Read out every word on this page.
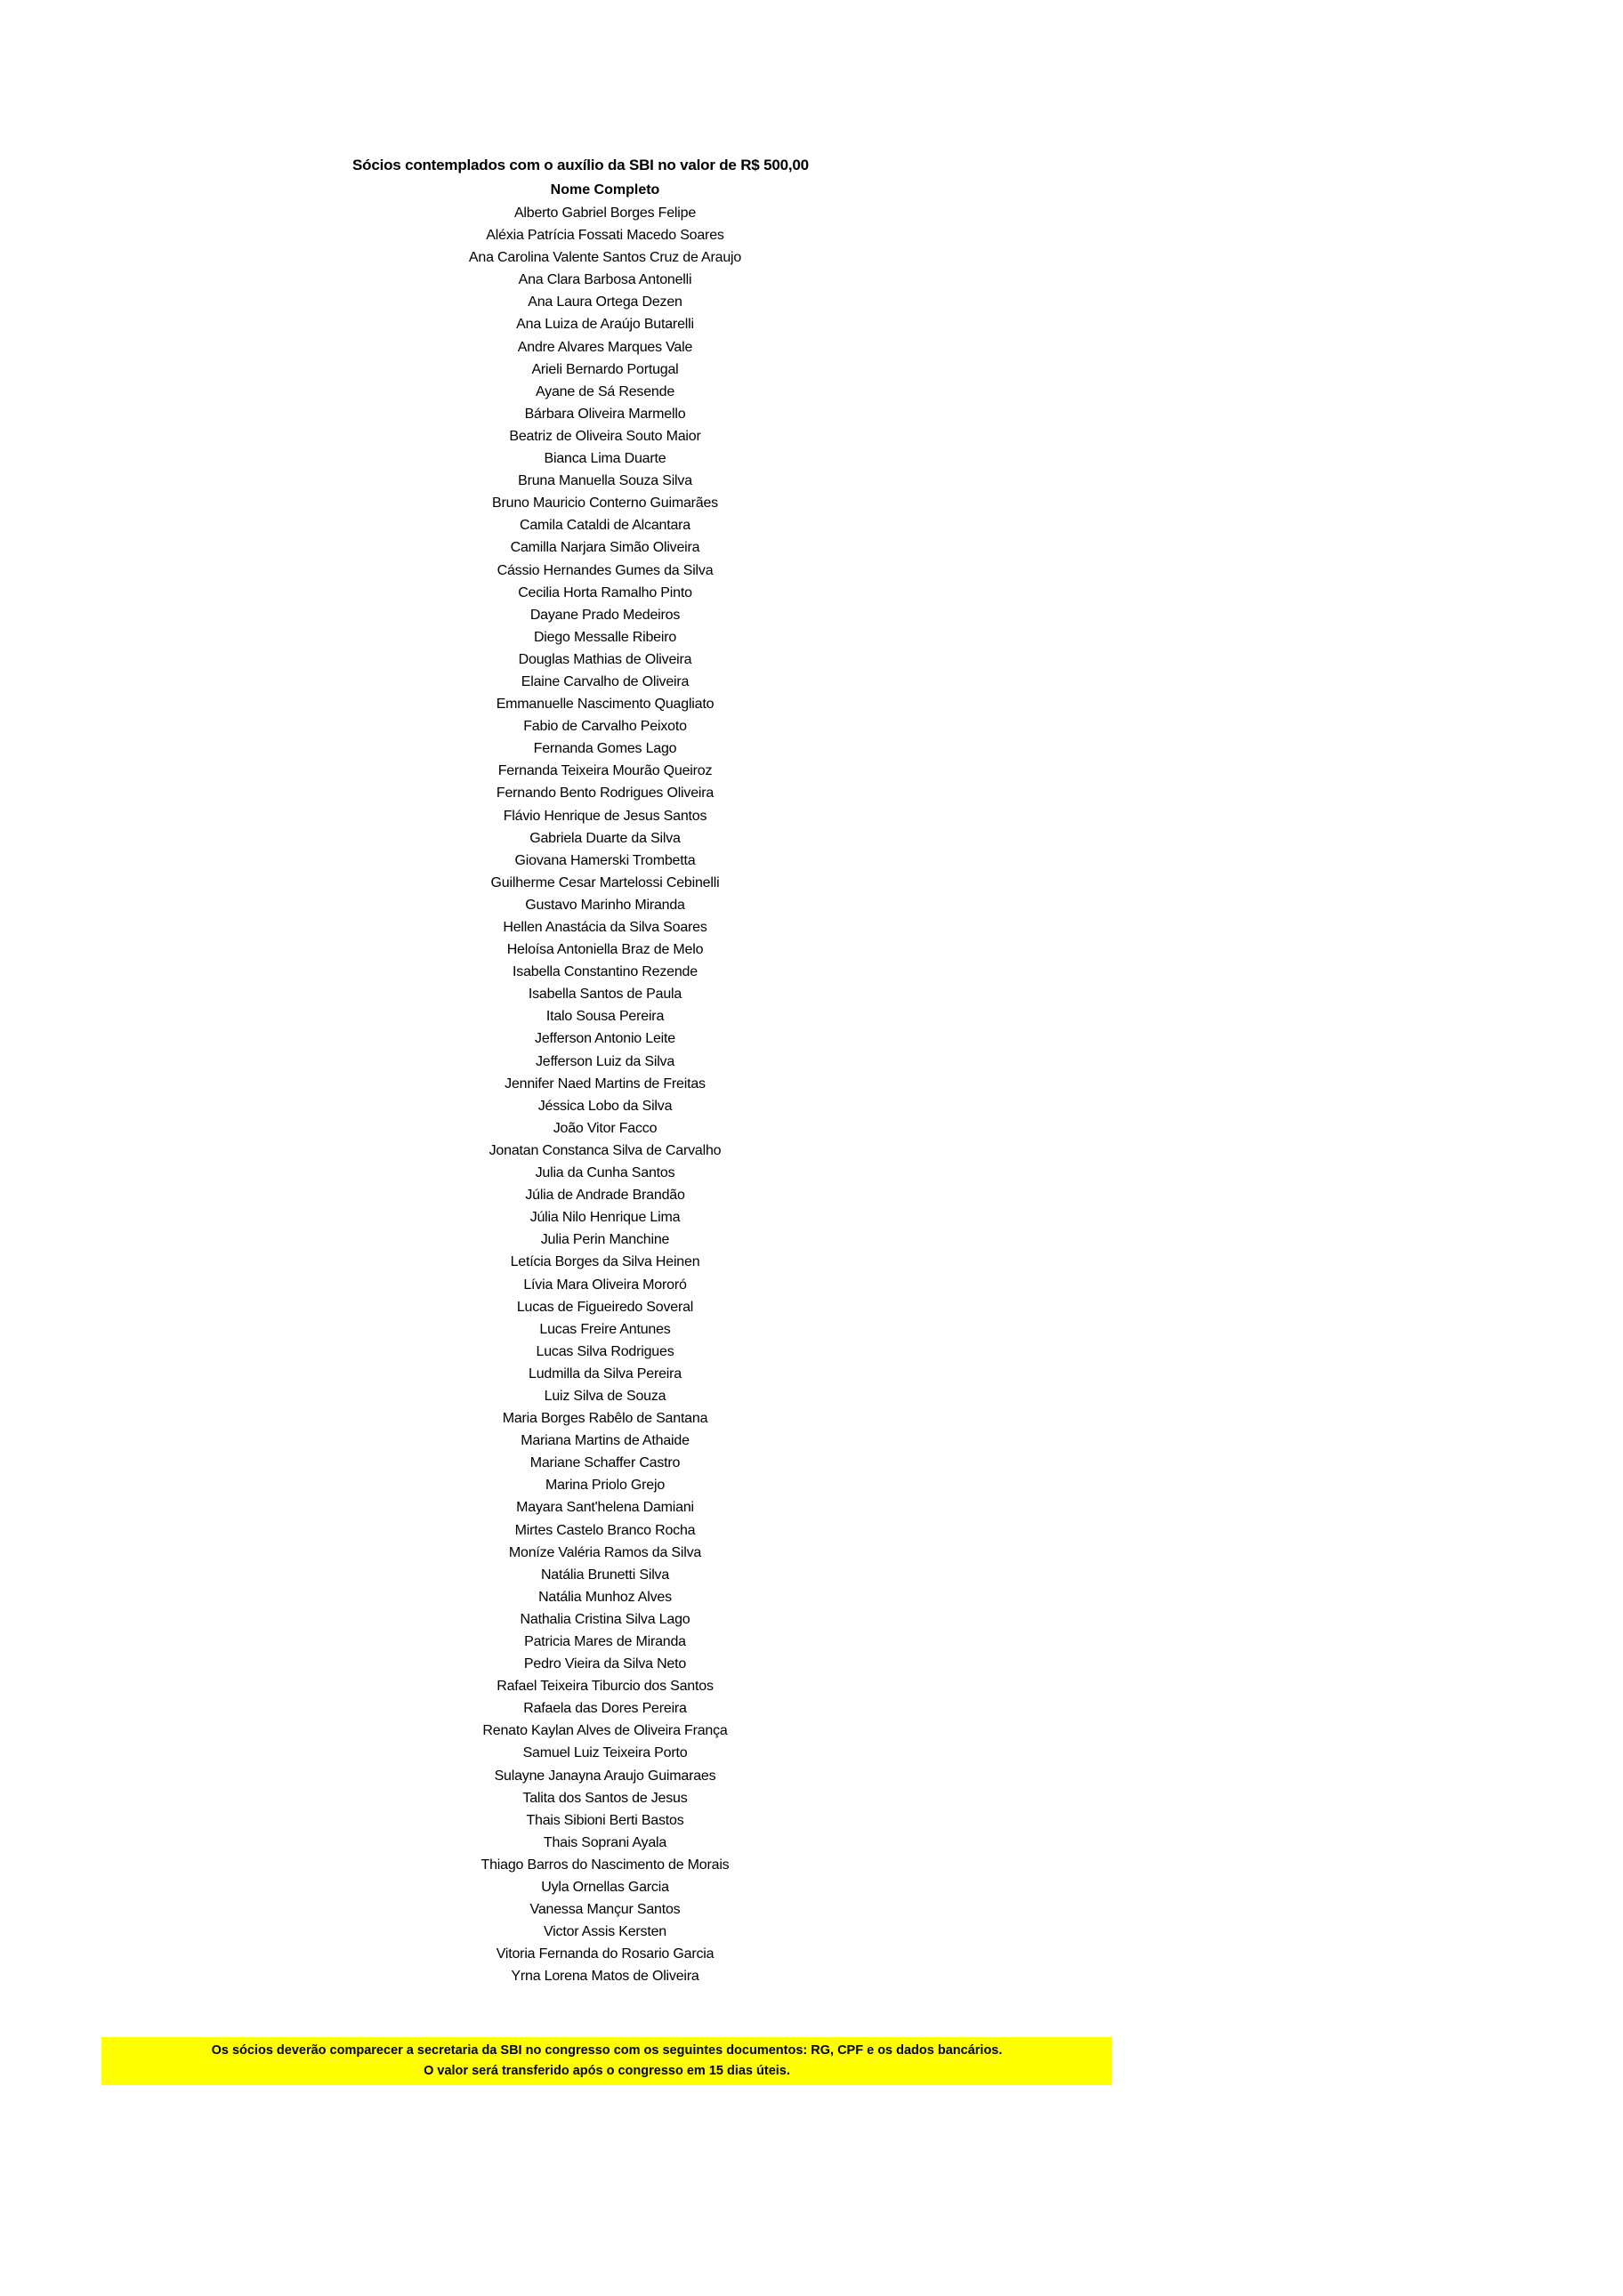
Sócios contemplados com o auxílio da SBI no valor de R$ 500,00
Nome Completo
Alberto Gabriel Borges Felipe
Aléxia Patrícia Fossati Macedo Soares
Ana Carolina Valente Santos Cruz de Araujo
Ana Clara Barbosa Antonelli
Ana Laura Ortega Dezen
Ana Luiza de Araújo Butarelli
Andre Alvares Marques Vale
Arieli Bernardo Portugal
Ayane de Sá Resende
Bárbara Oliveira Marmello
Beatriz de Oliveira Souto Maior
Bianca Lima Duarte
Bruna Manuella Souza Silva
Bruno Mauricio Conterno Guimarães
Camila Cataldi de Alcantara
Camilla Narjara Simão Oliveira
Cássio Hernandes Gumes da Silva
Cecilia Horta Ramalho Pinto
Dayane Prado Medeiros
Diego Messalle Ribeiro
Douglas Mathias de Oliveira
Elaine Carvalho de Oliveira
Emmanuelle Nascimento Quagliato
Fabio de Carvalho Peixoto
Fernanda Gomes Lago
Fernanda Teixeira Mourão Queiroz
Fernando Bento Rodrigues Oliveira
Flávio Henrique de Jesus Santos
Gabriela Duarte da Silva
Giovana Hamerski Trombetta
Guilherme Cesar Martelossi Cebinelli
Gustavo Marinho Miranda
Hellen Anastácia da Silva Soares
Heloísa Antoniella Braz de Melo
Isabella Constantino Rezende
Isabella Santos de Paula
Italo Sousa Pereira
Jefferson Antonio Leite
Jefferson Luiz da Silva
Jennifer Naed Martins de Freitas
Jéssica Lobo da Silva
João Vitor Facco
Jonatan Constanca Silva de Carvalho
Julia da Cunha Santos
Júlia de Andrade Brandão
Júlia Nilo Henrique Lima
Julia Perin Manchine
Letícia Borges da Silva Heinen
Lívia Mara Oliveira Mororó
Lucas de Figueiredo Soveral
Lucas Freire Antunes
Lucas Silva Rodrigues
Ludmilla da Silva Pereira
Luiz Silva de Souza
Maria Borges Rabêlo de Santana
Mariana Martins de Athaide
Mariane Schaffer Castro
Marina Priolo Grejo
Mayara Sant'helena Damiani
Mirtes Castelo Branco Rocha
Moníze Valéria Ramos da Silva
Natália Brunetti Silva
Natália Munhoz Alves
Nathalia Cristina Silva Lago
Patricia Mares de Miranda
Pedro Vieira da Silva Neto
Rafael Teixeira Tiburcio dos Santos
Rafaela das Dores Pereira
Renato Kaylan Alves de Oliveira França
Samuel Luiz Teixeira Porto
Sulayne Janayna Araujo Guimaraes
Talita dos Santos de Jesus
Thais Sibioni Berti Bastos
Thais Soprani Ayala
Thiago Barros do Nascimento de Morais
Uyla Ornellas Garcia
Vanessa Mançur Santos
Victor Assis Kersten
Vitoria Fernanda do Rosario Garcia
Yrna Lorena Matos de Oliveira
Os sócios deverão comparecer a secretaria da SBI no congresso com os seguintes documentos: RG, CPF e os dados bancários.
O valor será transferido após o congresso em 15 dias úteis.
